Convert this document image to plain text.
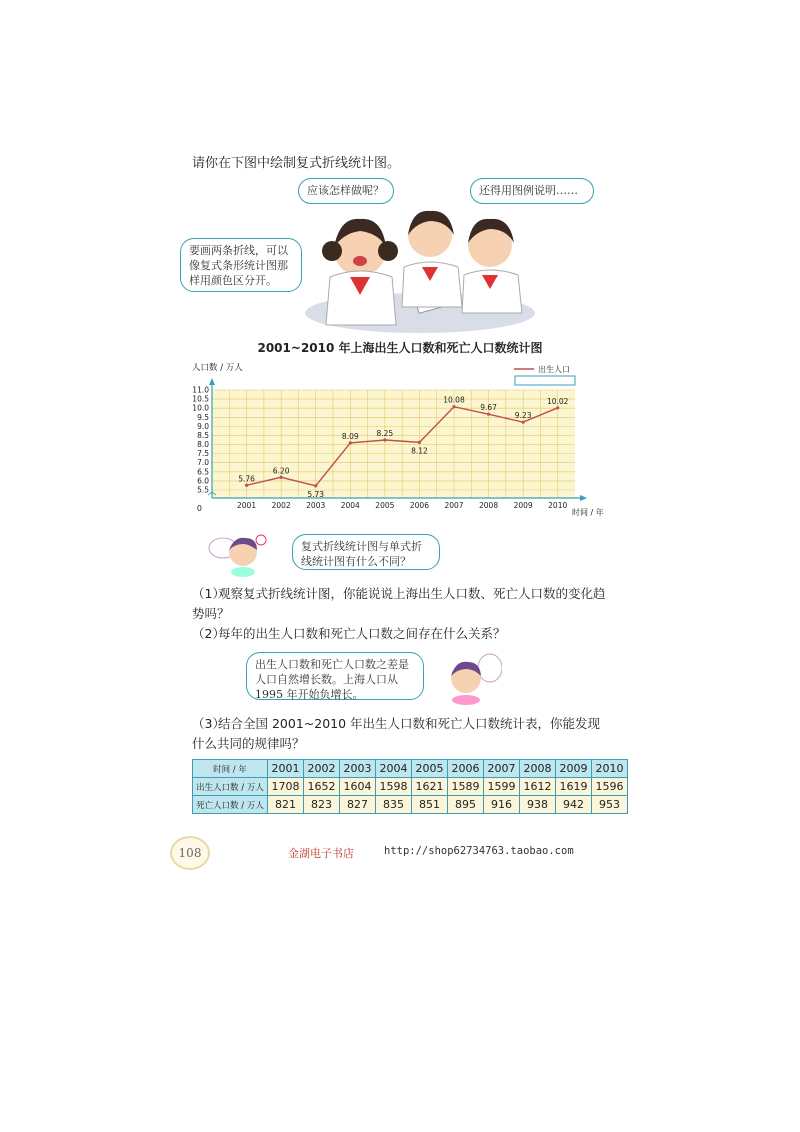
请你在下图中绘制复式折线统计图。
应该怎样做呢？	还得用图例说明……
要画两条折线，可以像复式条形统计图那样用颜色区分开。
2001~2010 年上海出生人口数和死亡人口数统计图
人口数 / 万人
时间 / 年
0
5.5
6.0
6.5
7.0
7.5
8.0
8.5
9.0
9.5
10.0
10.5
11.0
2001 2002 2003 2004 2005 2006 2007 2008 2009 2010
5.76
6.20
5.73
8.09 8.25
8.12
10.08
9.67
9.23
10.02
出生人口
复式折线统计图与单式折线统计图有什么不同？
（1）观察复式折线统计图，你能说说上海出生人口数、死亡人口数的变化趋势吗？
（2）每年的出生人口数和死亡人口数之间存在什么关系？
出生人口数和死亡人口数之差是人口自然增长数。上海人口从 1995 年开始负增长。
（3）结合全国 2001~2010 年出生人口数和死亡人口数统计表，你能发现什么共同的规律吗？
时间 / 年	2001	2002	2003	2004	2005	2006	2007	2008	2009	2010
出生人口数 / 万人	1708	1652	1604	1598	1621	1589	1599	1612	1619	1596
死亡人口数 / 万人	821	823	827	835	851	895	916	938	942	953
108	金湖电子书店	http://shop62734763.taobao.com
